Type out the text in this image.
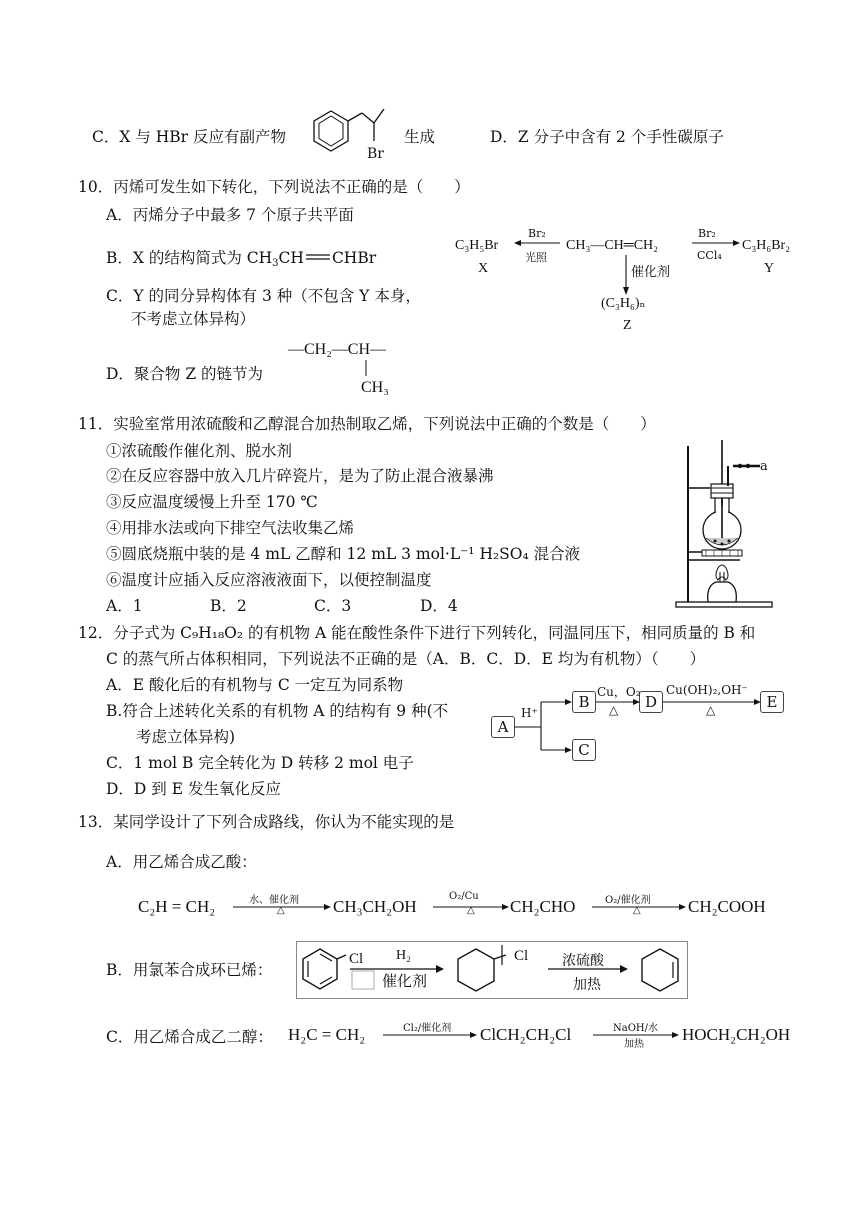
C．X 与 HBr 反应有副产物
Br
生成	D．Z 分子中含有 2 个手性碳原子
10．丙烯可发生如下转化，下列说法不正确的是（　　）
A．丙烯分子中最多 7 个原子共平面
B．X 的结构简式为 $CH_3CH$ CHBr
C．Y 的同分异构体有 3 种（不包含 Y 本身，
不考虑立体异构）
D．聚合物 Z 的链节为
—CH₂—CH—
CH₃
C₃H₅Br
X
Br₂
光照
CH₃—CH═CH₂
Br₂
CCl₄
C₃H₆Br₂
Y
催化剂
(C₃H₆)ₙ
Z
11．实验室常用浓硫酸和乙醇混合加热制取乙烯，下列说法中正确的个数是（　　）
①浓硫酸作催化剂、脱水剂
②在反应容器中放入几片碎瓷片，是为了防止混合液暴沸
③反应温度缓慢上升至 170 ℃
④用排水法或向下排空气法收集乙烯
⑤圆底烧瓶中装的是 4 mL 乙醇和 12 mL 3 mol·L⁻¹ H₂SO₄ 混合液
⑥温度计应插入反应溶液液面下，以便控制温度
A．1	B．2	C．3	D．4
a
12．分子式为 C₉H₁₈O₂ 的有机物 A 能在酸性条件下进行下列转化，同温同压下，相同质量的 B 和
C 的蒸气所占体积相同，下列说法不正确的是（A．B．C．D．E 均为有机物）（　　）
A．E 酸化后的有机物与 C 一定互为同系物
B.符合上述转化关系的有机物 A 的结构有 9 种(不
考虑立体异构)
C．1 mol B 完全转化为 D 转移 2 mol 电子
D．D 到 E 发生氧化反应
A
B
C
D	E
H⁺
Cu，O₂
△
Cu(OH)₂,OH⁻
△
13．某同学设计了下列合成路线，你认为不能实现的是
A．用乙烯合成乙酸：
C₂H = CH₂	水、催化剂
△	CH₃CH₂OH
O₂/Cu
△ CH₂CHO	O₂/催化剂
△	CH₂COOH
B．用氯苯合成环已烯：
Cl H₂
催化剂
Cl 浓硫酸
加热
C．用乙烯合成乙二醇： H₂C = CH₂	Cl₂/催化剂 ClCH₂CH₂Cl	NaOH/水
加热
HOCH₂CH₂OH
